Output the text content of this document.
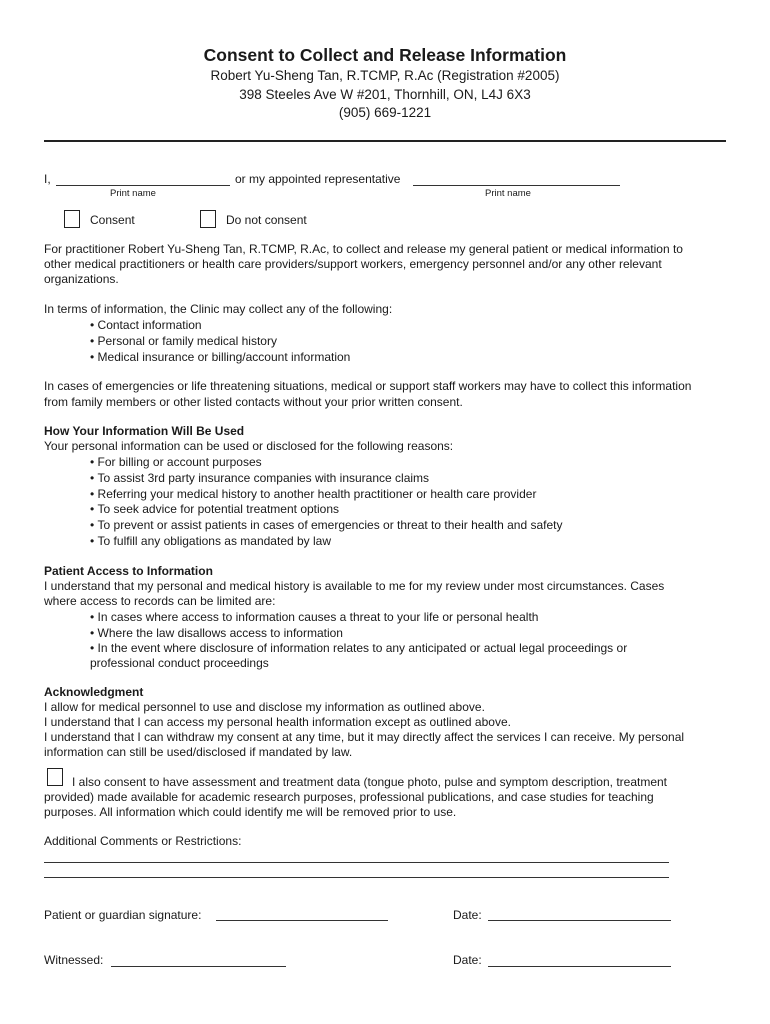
Consent to Collect and Release Information
Robert Yu-Sheng Tan, R.TCMP, R.Ac (Registration #2005)
398 Steeles Ave W #201, Thornhill, ON, L4J 6X3
(905) 669-1221
I,	or my appointed representative
Print name	Print name
Consent	Do not consent
For practitioner Robert Yu-Sheng Tan, R.TCMP, R.Ac, to collect and release my general patient or medical information to
other medical practitioners or health care providers/support workers, emergency personnel and/or any other relevant
organizations.
In terms of information, the Clinic may collect any of the following:
• Contact information
• Personal or family medical history
• Medical insurance or billing/account information
In cases of emergencies or life threatening situations, medical or support staff workers may have to collect this information
from family members or other listed contacts without your prior written consent.
How Your Information Will Be Used
Your personal information can be used or disclosed for the following reasons:
• For billing or account purposes
• To assist 3rd party insurance companies with insurance claims
• Referring your medical history to another health practitioner or health care provider
• To seek advice for potential treatment options
• To prevent or assist patients in cases of emergencies or threat to their health and safety
• To fulfill any obligations as mandated by law
Patient Access to Information
I understand that my personal and medical history is available to me for my review under most circumstances. Cases
where access to records can be limited are:
• In cases where access to information causes a threat to your life or personal health
• Where the law disallows access to information
• In the event where disclosure of information relates to any anticipated or actual legal proceedings or
professional conduct proceedings
Acknowledgment
I allow for medical personnel to use and disclose my information as outlined above.
I understand that I can access my personal health information except as outlined above.
I understand that I can withdraw my consent at any time, but it may directly affect the services I can receive. My personal
information can still be used/disclosed if mandated by law.
I also consent to have assessment and treatment data (tongue photo, pulse and symptom description, treatment
provided) made available for academic research purposes, professional publications, and case studies for teaching
purposes. All information which could identify me will be removed prior to use.
Additional Comments or Restrictions:
Patient or guardian signature:	Date:
Witnessed:	Date:
